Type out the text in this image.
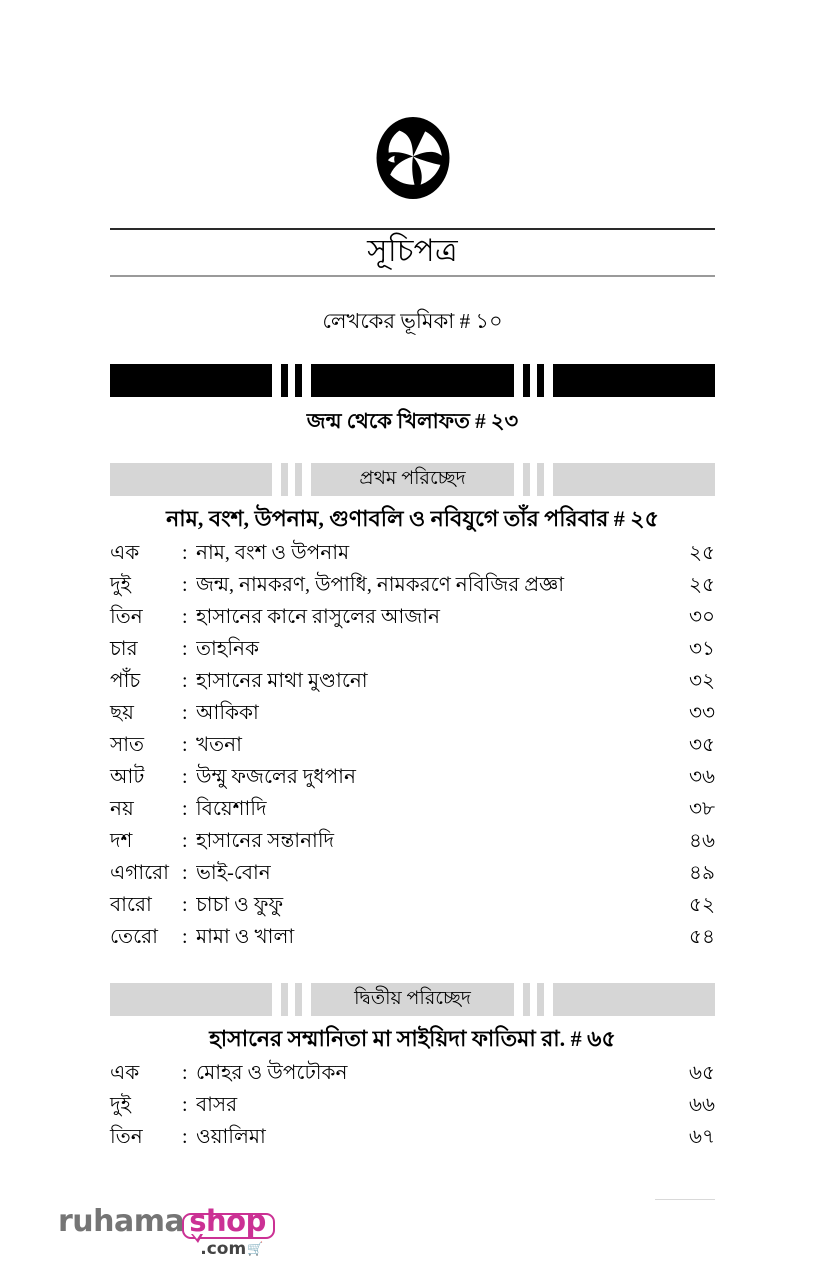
সূচিপত্র
লেখকের ভূমিকা # ১০
জন্ম থেকে খিলাফত # ২৩
প্রথম পরিচ্ছেদ
নাম, বংশ, উপনাম, গুণাবলি ও নবিযুগে তাঁর পরিবার # ২৫
এক	: নাম, বংশ ও উপনাম	২৫
দুই	: জন্ম, নামকরণ, উপাধি, নামকরণে নবিজির প্রজ্ঞা	২৫
তিন	: হাসানের কানে রাসুলের আজান	৩০
চার	: তাহনিক	৩১
পাঁচ	: হাসানের মাথা মুণ্ডানো	৩২
ছয়	: আকিকা	৩৩
সাত	: খতনা	৩৫
আট	: উম্মু ফজলের দুধপান	৩৬
নয়	: বিয়েশাদি	৩৮
দশ	: হাসানের সন্তানাদি	৪৬
এগারো : ভাই-বোন	৪৯
বারো	: চাচা ও ফুফু	৫২
তেরো	: মামা ও খালা	৫৪
দ্বিতীয় পরিচ্ছেদ
হাসানের সম্মানিতা মা সাইয়িদা ফাতিমা রা. # ৬৫
এক	: মোহর ও উপঢৌকন	৬৫
দুই	: বাসর	৬৬
তিন	: ওয়ালিমা	৬৭
ruhama shop
.com 🛒
